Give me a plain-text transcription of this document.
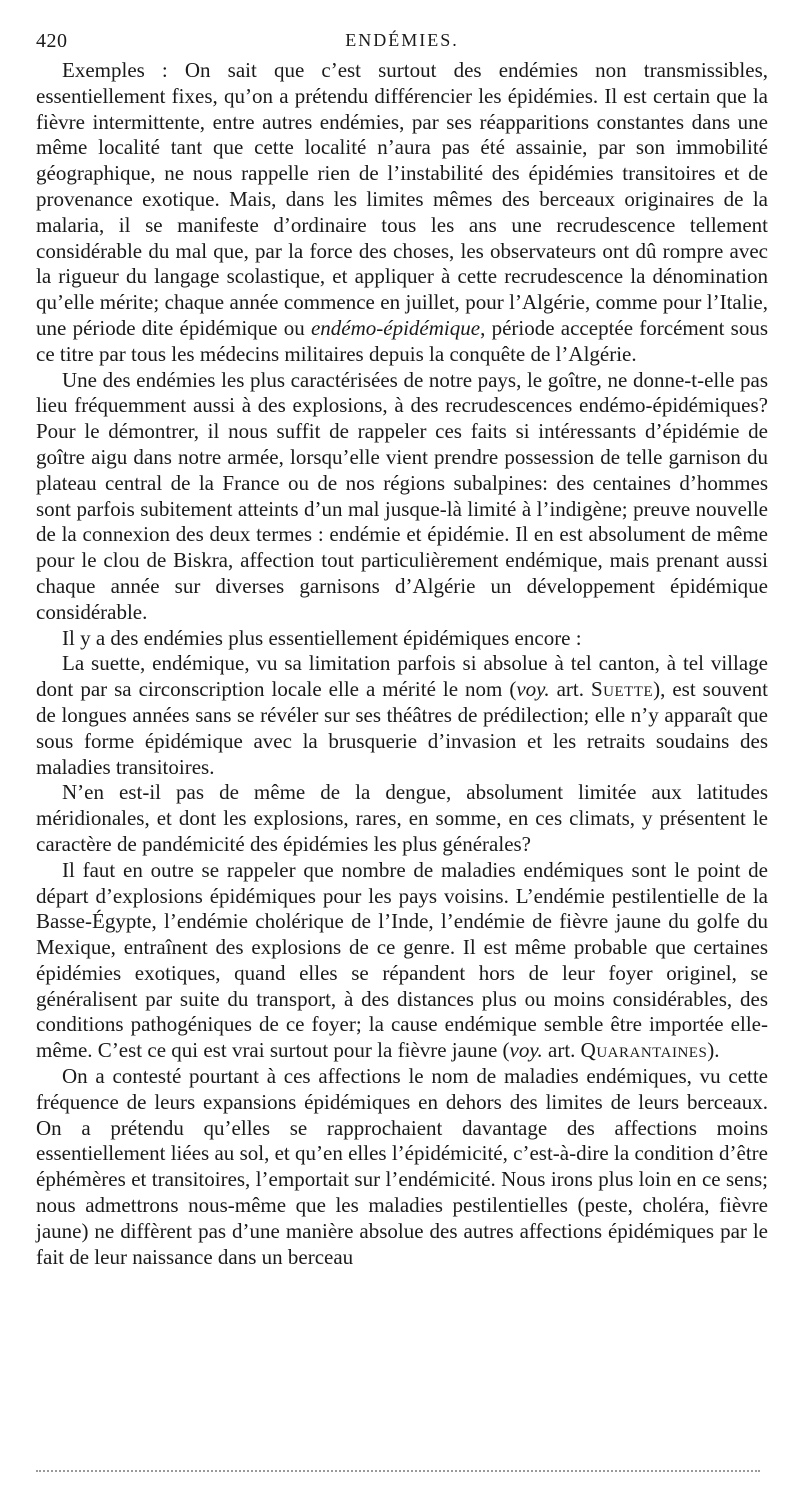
420	ENDÉMIES.

Exemples : On sait que c’est surtout des endémies non transmissibles, essentiellement fixes, qu’on a prétendu différencier les épidémies. Il est certain que la fièvre intermittente, entre autres endémies, par ses réapparitions constantes dans une même localité tant que cette localité n’aura pas été assainie, par son immobilité géographique, ne nous rappelle rien de l’instabilité des épidémies transitoires et de provenance exotique. Mais, dans les limites mêmes des berceaux originaires de la malaria, il se manifeste d’ordinaire tous les ans une recrudescence tellement considérable du mal que, par la force des choses, les observateurs ont dû rompre avec la rigueur du langage scolastique, et appliquer à cette recrudescence la dénomination qu’elle mérite; chaque année commence en juillet, pour l’Algérie, comme pour l’Italie, une période dite épidémique ou endémo-épidémique, période acceptée forcément sous ce titre par tous les médecins militaires depuis la conquête de l’Algérie.

Une des endémies les plus caractérisées de notre pays, le goître, ne donne-t-elle pas lieu fréquemment aussi à des explosions, à des recrudescences endémo-épidémiques? Pour le démontrer, il nous suffit de rappeler ces faits si intéressants d’épidémie de goître aigu dans notre armée, lorsqu’elle vient prendre possession de telle garnison du plateau central de la France ou de nos régions subalpines: des centaines d’hommes sont parfois subitement atteints d’un mal jusque-là limité à l’indigène; preuve nouvelle de la connexion des deux termes : endémie et épidémie. Il en est absolument de même pour le clou de Biskra, affection tout particulièrement endémique, mais prenant aussi chaque année sur diverses garnisons d’Algérie un développement épidémique considérable.

Il y a des endémies plus essentiellement épidémiques encore :

La suette, endémique, vu sa limitation parfois si absolue à tel canton, à tel village dont par sa circonscription locale elle a mérité le nom (voy. art. Suette), est souvent de longues années sans se révéler sur ses théâtres de prédilection; elle n’y apparaît que sous forme épidémique avec la brusquerie d’invasion et les retraits soudains des maladies transitoires.

N’en est-il pas de même de la dengue, absolument limitée aux latitudes méridionales, et dont les explosions, rares, en somme, en ces climats, y présentent le caractère de pandémicité des épidémies les plus générales?

Il faut en outre se rappeler que nombre de maladies endémiques sont le point de départ d’explosions épidémiques pour les pays voisins. L’endémie pestilentielle de la Basse-Égypte, l’endémie cholérique de l’Inde, l’endémie de fièvre jaune du golfe du Mexique, entraînent des explosions de ce genre. Il est même probable que certaines épidémies exotiques, quand elles se répandent hors de leur foyer originel, se généralisent par suite du transport, à des distances plus ou moins considérables, des conditions pathogéniques de ce foyer; la cause endémique semble être importée elle-même. C’est ce qui est vrai surtout pour la fièvre jaune (voy. art. Quarantaines).

On a contesté pourtant à ces affections le nom de maladies endémiques, vu cette fréquence de leurs expansions épidémiques en dehors des limites de leurs berceaux. On a prétendu qu’elles se rapprochaient davantage des affections moins essentiellement liées au sol, et qu’en elles l’épidémicité, c’est-à-dire la condition d’être éphémères et transitoires, l’emportait sur l’endémicité. Nous irons plus loin en ce sens; nous admettrons nous-même que les maladies pestilentielles (peste, choléra, fièvre jaune) ne diffèrent pas d’une manière absolue des autres affections épidémiques par le fait de leur naissance dans un berceau
